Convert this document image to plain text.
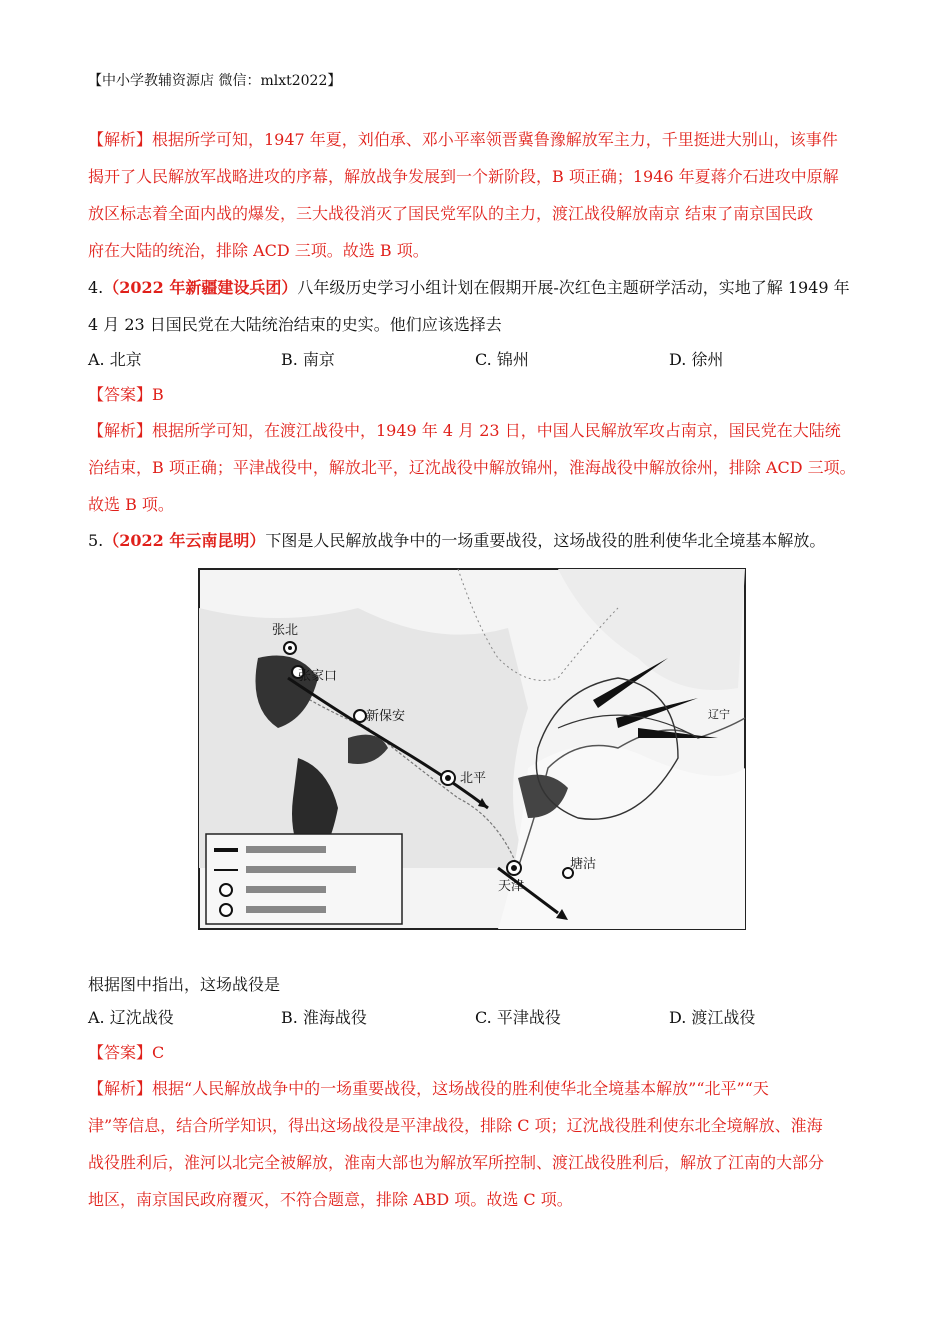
【中小学教辅资源店 微信：mlxt2022】
【解析】根据所学可知，1947 年夏，刘伯承、邓小平率领晋冀鲁豫解放军主力，千里挺进大别山，该事件
揭开了人民解放军战略进攻的序幕，解放战争发展到一个新阶段，B 项正确；1946 年夏蒋介石进攻中原解
放区标志着全面内战的爆发，三大战役消灭了国民党军队的主力，渡江战役解放南京 结束了南京国民政
府在大陆的统治，排除 ACD 三项。故选 B 项。
4.（2022 年新疆建设兵团）八年级历史学习小组计划在假期开展-次红色主题研学活动，实地了解 1949 年
4 月 23 日国民党在大陆统治结束的史实。他们应该选择去
A. 北京	B. 南京	C. 锦州	D. 徐州
【答案】B
【解析】根据所学可知，在渡江战役中，1949 年 4 月 23 日，中国人民解放军攻占南京，国民党在大陆统
治结束，B 项正确；平津战役中，解放北平，辽沈战役中解放锦州，淮海战役中解放徐州，排除 ACD 三项。
故选 B 项。
5.（2022 年云南昆明）下图是人民解放战争中的一场重要战役，这场战役的胜利使华北全境基本解放。
张北
张家口
新保安
北平
天津
塘沽
辽宁
根据图中指出，这场战役是
A. 辽沈战役	B. 淮海战役	C. 平津战役	D. 渡江战役
【答案】C
【解析】根据“人民解放战争中的一场重要战役，这场战役的胜利使华北全境基本解放”“北平”“天
津”等信息，结合所学知识，得出这场战役是平津战役，排除 C 项；辽沈战役胜利使东北全境解放、淮海
战役胜利后，淮河以北完全被解放，淮南大部也为解放军所控制、渡江战役胜利后，解放了江南的大部分
地区，南京国民政府覆灭，不符合题意，排除 ABD 项。故选 C 项。
